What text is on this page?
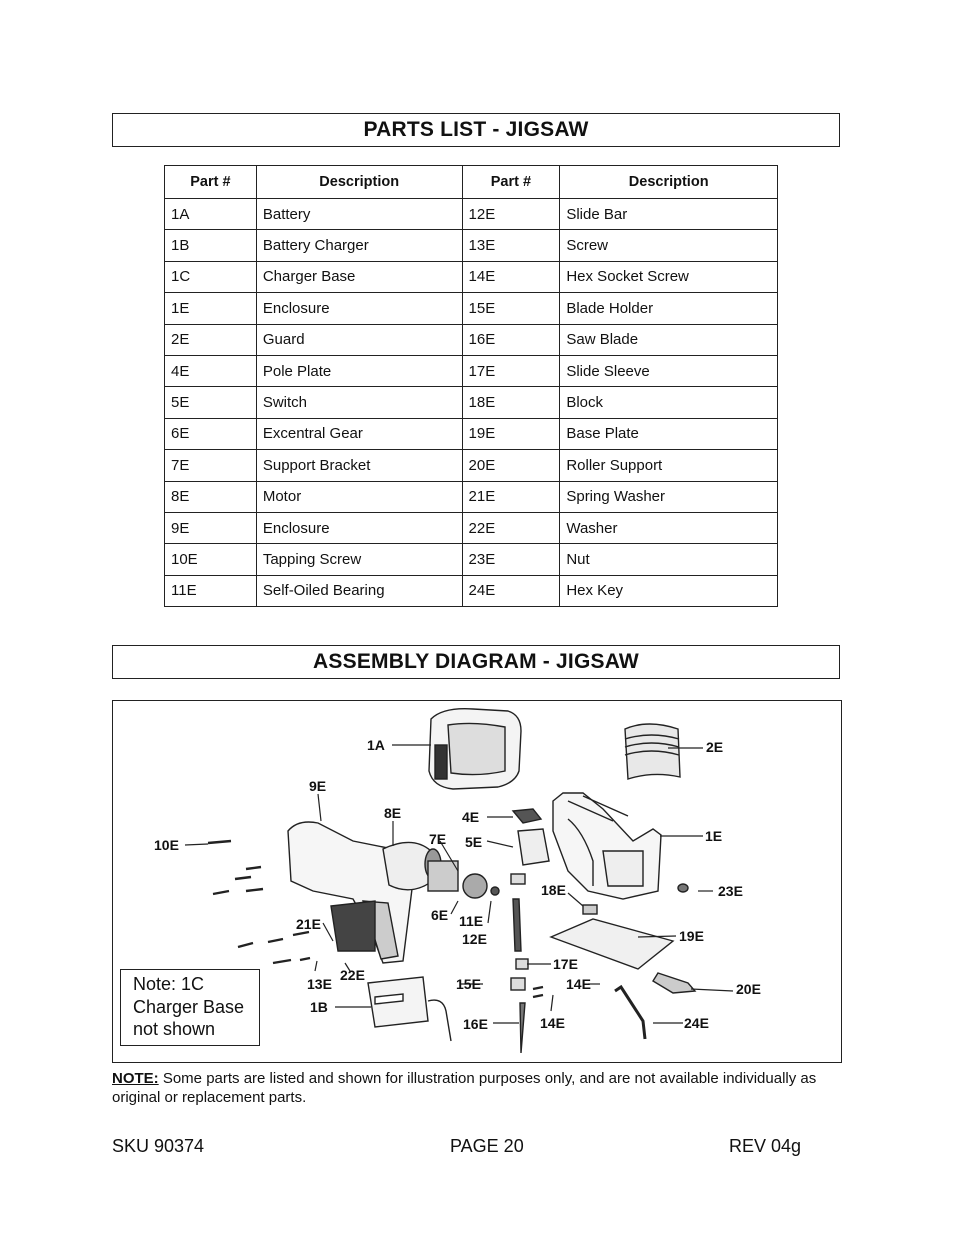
PARTS LIST - JIGSAW
Part #	Description	Part #	Description
1A	Battery	12E	Slide Bar
1B	Battery Charger	13E	Screw
1C	Charger Base	14E	Hex Socket Screw
1E	Enclosure	15E	Blade Holder
2E	Guard	16E	Saw Blade
4E	Pole Plate	17E	Slide Sleeve
5E	Switch	18E	Block
6E	Excentral Gear	19E	Base Plate
7E	Support Bracket	20E	Roller Support
8E	Motor	21E	Spring Washer
9E	Enclosure	22E	Washer
10E	Tapping Screw	23E	Nut
11E	Self-Oiled Bearing	24E	Hex Key
ASSEMBLY DIAGRAM - JIGSAW
1A	2E
9E
8E	4E
7E 5E	1E
10E
18E	23E
6E 11E
12E
21E
19E
17E
13E
22E
15E	14E	20E
1B
16E	14E	24E
Note: 1C
Charger Base
not shown
NOTE: Some parts are listed and shown for illustration purposes only, and are not available individually as original or replacement parts.
SKU 90374	PAGE 20	REV 04g
